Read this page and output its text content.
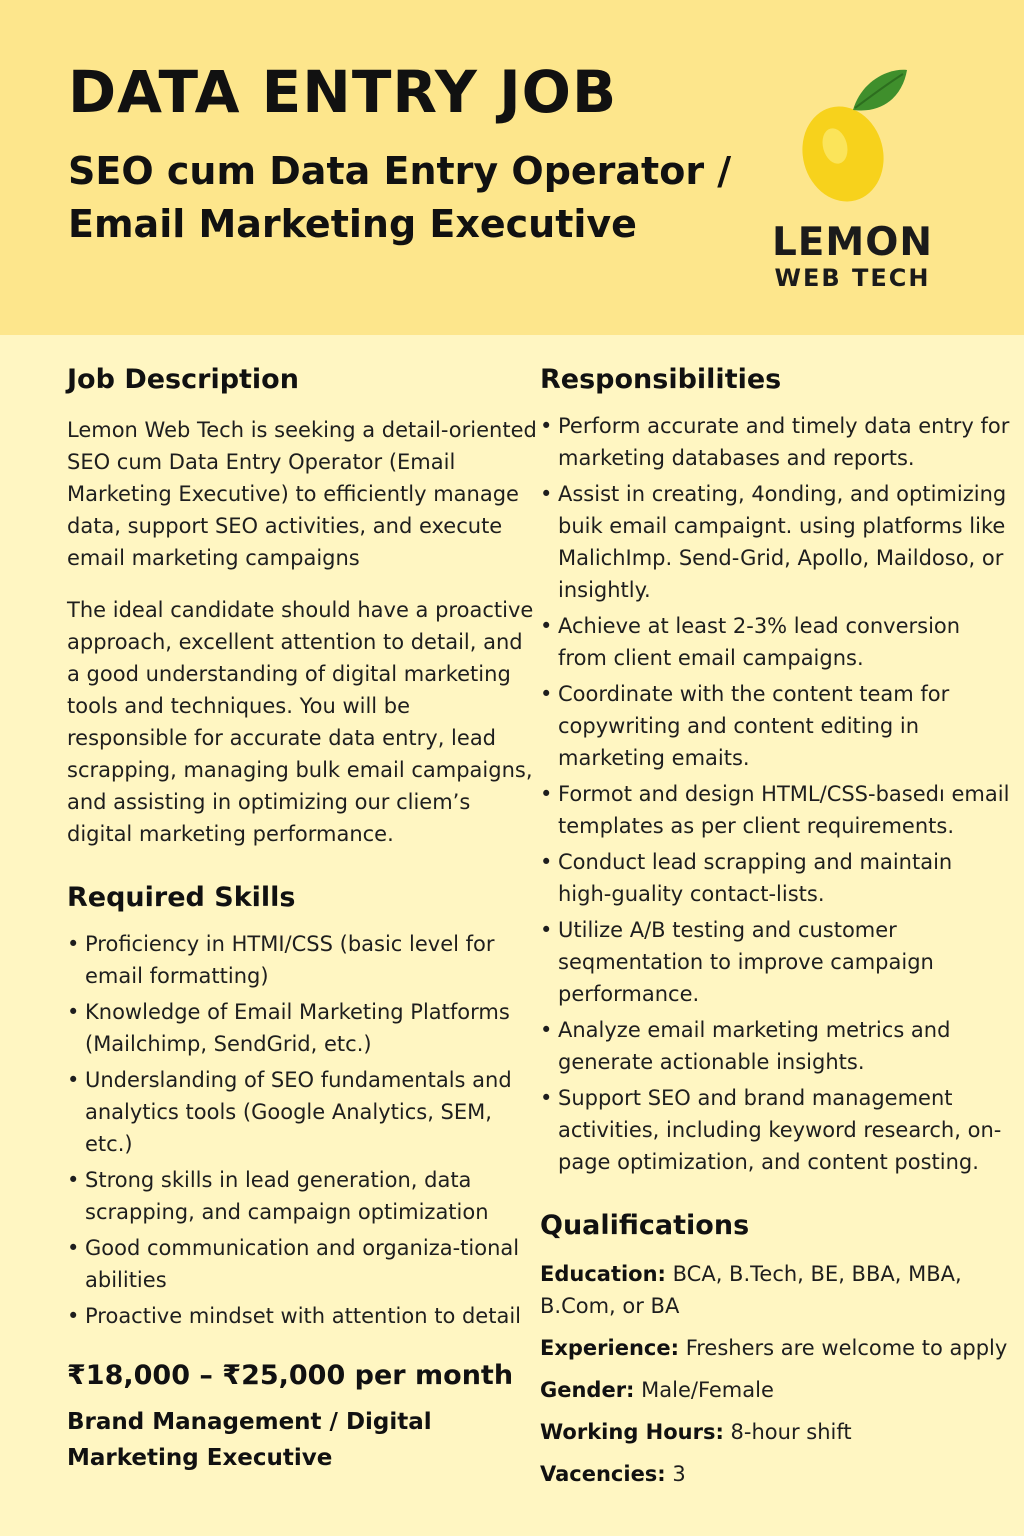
DATA ENTRY JOB
SEO cum Data Entry Operator /
Email Marketing Executive	LEMON
WEB TECH
Job Description

Lemon Web Tech is seeking a detail-oriented SEO cum Data Entry Operator (Email Marketing Executive) to efficiently manage data, support SEO activities, and execute email marketing campaigns

The ideal candidate should have a proactive approach, excellent attention to detail, and a good understanding of digital marketing tools and techniques. You will be responsible for accurate data entry, lead scrapping, managing bulk email campaigns, and assisting in optimizing our cliem’s digital marketing performance.

Required Skills
• Proficiency in HTMI/CSS (basic level for email formatting)
• Knowledge of Email Marketing Platforms (Mailchimp, SendGrid, etc.)
• Underslanding of SEO fundamentals and analytics tools (Google Analytics, SEM, etc.)
• Strong skills in lead generation, data scrapping, and campaign optimization
• Good communication and organiza-tional abilities
• Proactive mindset with attention to detail
₹18,000 – ₹25,000 per month
Brand Management / Digital Marketing Executive
Responsibilities
• Perform accurate and timely data entry for marketing databases and reports.
• Assist in creating, 4onding, and optimizing buik email campaignt. using platforms like MalichImp. Send-Grid, Apollo, Maildoso, or insightly.
• Achieve at least 2-3% lead conversion from client email campaigns.
• Coordinate with the content team for copywriting and content editing in marketing emaits.
• Formot and design HTML/CSS-basedı email templates as per client requirements.
• Conduct lead scrapping and maintain high-guality contact-lists.
• Utilize A/B testing and customer seqmentation to improve campaign performance.
• Analyze email marketing metrics and generate actionable insights.
• Support SEO and brand management activities, including keyword research, on-page optimization, and content posting.
Qualifications
Education: BCA, B.Tech, BE, BBA, MBA, B.Com, or BA
Experience: Freshers are welcome to apply
Gender: Male/Female
Working Hours: 8-hour shift
Vacencies: 3
